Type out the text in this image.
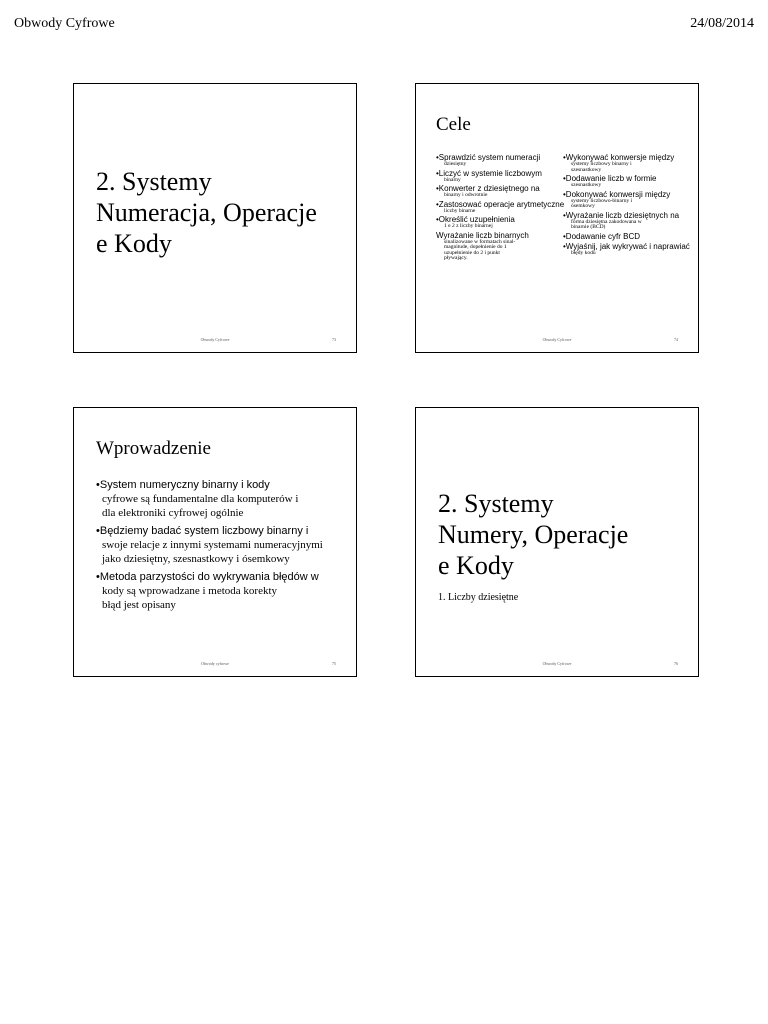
Obwody Cyfrowe	24/08/2014
2. Systemy
Numeracja, Operacje
e Kody
Obwody Cyfrowe	73
Cele
•Sprawdzić system numeracji
dziesiętny
•Liczyć w systemie liczbowym
binarny
•Konwerter z dziesiętnego na
binarny i odwrotnie
•Zastosować operacje arytmetyczne
liczby binarne
•Określić uzupełnienia
1 e 2 z liczby binarnej
Wyrażanie liczb binarnych
sinalizowane w formatach sinal-
magnitude, dopełnienie do 1
uzupełnienie do 2 i punkt
pływający.
•Wykonywać konwersje między
systemy liczbowy binarny i
szesnastkowy
•Dodawanie liczb w formie
szesnastkowy
•Dokonywać konwersji między
systemy liczbowo-binarny i
ósemkowy
•Wyrażanie liczb dziesiętnych na
forma dziesiętna zakodowana w
binarnie (BCD)
•Dodawanie cyfr BCD
•Wyjaśnij, jak wykrywać i naprawiać
błędy kodu
Obwody Cyfrowe	74
Wprowadzenie
•System numeryczny binarny i kody
cyfrowe są fundamentalne dla komputerów i
dla elektroniki cyfrowej ogólnie
•Będziemy badać system liczbowy binarny i
swoje relacje z innymi systemami numeracyjnymi
jako dziesiętny, szesnastkowy i ósemkowy
•Metoda parzystości do wykrywania błędów w
kody są wprowadzane i metoda korekty
błąd jest opisany
Obwody cyfrowe	75
2. Systemy
Numery, Operacje
e Kody
1. Liczby dziesiętne
Obwody Cyfrowe	76
